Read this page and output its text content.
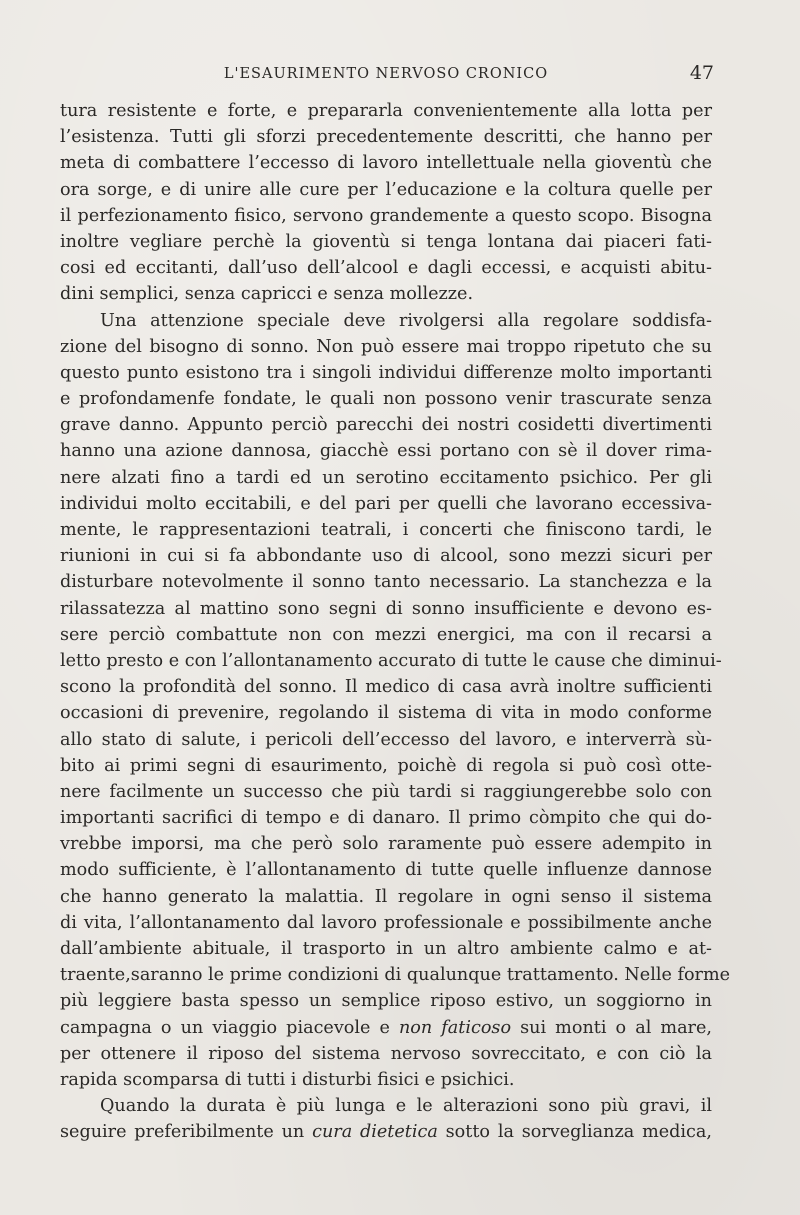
L'ESAURIMENTO NERVOSO CRONICO	47
tura resistente e forte, e prepararla convenientemente alla lotta per
l’esistenza. Tutti gli sforzi precedentemente descritti, che hanno per
meta di combattere l’eccesso di lavoro intellettuale nella gioventù che
ora sorge, e di unire alle cure per l’educazione e la coltura quelle per
il perfezionamento fisico, servono grandemente a questo scopo. Bisogna
inoltre vegliare perchè la gioventù si tenga lontana dai piaceri fati-
cosi ed eccitanti, dall’uso dell’alcool e dagli eccessi, e acquisti abitu-
dini semplici, senza capricci e senza mollezze.
Una attenzione speciale deve rivolgersi alla regolare soddisfa-
zione del bisogno di sonno. Non può essere mai troppo ripetuto che su
questo punto esistono tra i singoli individui differenze molto importanti
e profondamenfe fondate, le quali non possono venir trascurate senza
grave danno. Appunto perciò parecchi dei nostri cosidetti divertimenti
hanno una azione dannosa, giacchè essi portano con sè il dover rima-
nere alzati fino a tardi ed un serotino eccitamento psichico. Per gli
individui molto eccitabili, e del pari per quelli che lavorano eccessiva-
mente, le rappresentazioni teatrali, i concerti che finiscono tardi, le
riunioni in cui si fa abbondante uso di alcool, sono mezzi sicuri per
disturbare notevolmente il sonno tanto necessario. La stanchezza e la
rilassatezza al mattino sono segni di sonno insufficiente e devono es-
sere perciò combattute non con mezzi energici, ma con il recarsi a
letto presto e con l’allontanamento accurato di tutte le cause che diminui-
scono la profondità del sonno. Il medico di casa avrà inoltre sufficienti
occasioni di prevenire, regolando il sistema di vita in modo conforme
allo stato di salute, i pericoli dell’eccesso del lavoro, e interverrà sù-
bito ai primi segni di esaurimento, poichè di regola si può così otte-
nere facilmente un successo che più tardi si raggiungerebbe solo con
importanti sacrifici di tempo e di danaro. Il primo còmpito che qui do-
vrebbe imporsi, ma che però solo raramente può essere adempito in
modo sufficiente, è l’allontanamento di tutte quelle influenze dannose
che hanno generato la malattia. Il regolare in ogni senso il sistema
di vita, l’allontanamento dal lavoro professionale e possibilmente anche
dall’ambiente abituale, il trasporto in un altro ambiente calmo e at-
traente,saranno le prime condizioni di qualunque trattamento. Nelle forme
più leggiere basta spesso un semplice riposo estivo, un soggiorno in
campagna o un viaggio piacevole e non faticoso sui monti o al mare,
per ottenere il riposo del sistema nervoso sovreccitato, e con ciò la
rapida scomparsa di tutti i disturbi fisici e psichici.
Quando la durata è più lunga e le alterazioni sono più gravi, il
seguire preferibilmente un cura dietetica sotto la sorveglianza medica,
